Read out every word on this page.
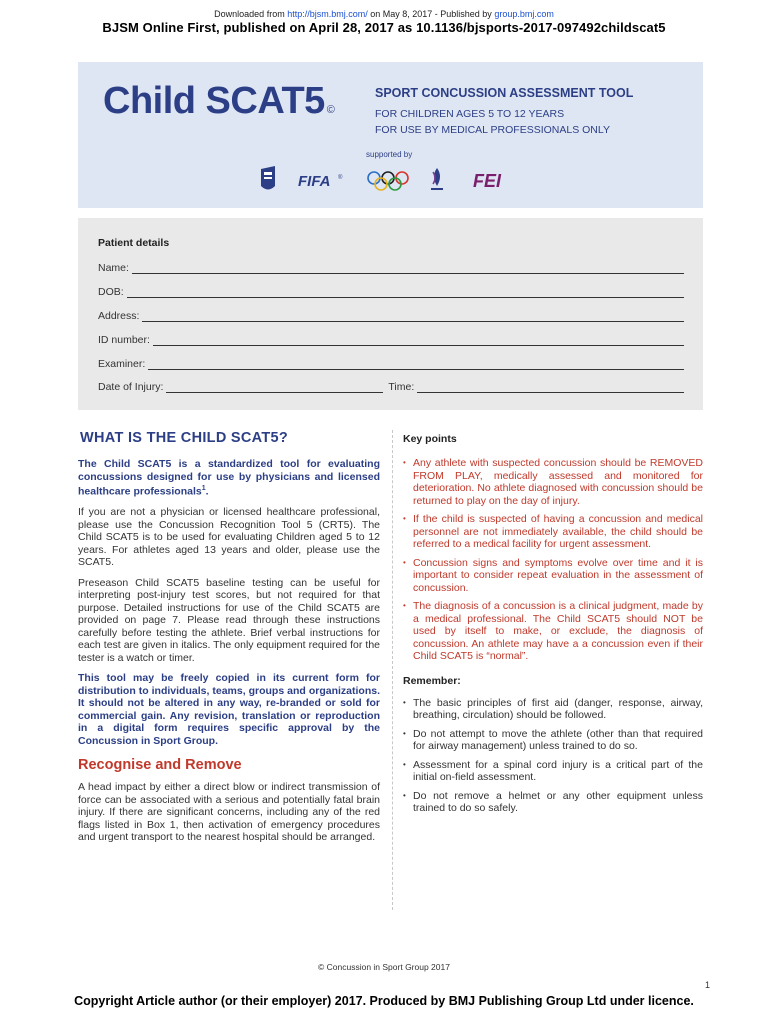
Downloaded from http://bjsm.bmj.com/ on May 8, 2017 - Published by group.bmj.com
BJSM Online First, published on April 28, 2017 as 10.1136/bjsports-2017-097492childscat5
Child SCAT5 ©
SPORT CONCUSSION ASSESSMENT TOOL
FOR CHILDREN AGES 5 TO 12 YEARS
FOR USE BY MEDICAL PROFESSIONALS ONLY
supported by
FIFA ®	FEI
Patient details
Name:
DOB:
Address:
ID number:
Examiner:
Date of Injury:	Time:
WHAT IS THE CHILD SCAT5?
The Child SCAT5 is a standardized tool for evaluating concussions designed for use by physicians and licensed healthcare professionals$^1$.
If you are not a physician or licensed healthcare professional, please use the Concussion Recognition Tool 5 (CRT5). The Child SCAT5 is to be used for evaluating Children aged 5 to 12 years. For athletes aged 13 years and older, please use the SCAT5.
Preseason Child SCAT5 baseline testing can be useful for interpreting post-injury test scores, but not required for that purpose. Detailed instructions for use of the Child SCAT5 are provided on page 7. Please read through these instructions carefully before testing the athlete. Brief verbal instructions for each test are given in italics. The only equipment required for the tester is a watch or timer.
This tool may be freely copied in its current form for distribution to individuals, teams, groups and organizations. It should not be altered in any way, re-branded or sold for commercial gain. Any revision, translation or reproduction in a digital form requires specific approval by the Concussion in Sport Group.
Recognise and Remove
A head impact by either a direct blow or indirect transmission of force can be associated with a serious and potentially fatal brain injury. If there are significant concerns, including any of the red flags listed in Box 1, then activation of emergency procedures and urgent transport to the nearest hospital should be arranged.
Key points
• Any athlete with suspected concussion should be REMOVED FROM PLAY, medically assessed and monitored for deterioration. No athlete diagnosed with concussion should be returned to play on the day of injury.
• If the child is suspected of having a concussion and medical personnel are not immediately available, the child should be referred to a medical facility for urgent assessment.
• Concussion signs and symptoms evolve over time and it is important to consider repeat evaluation in the assessment of concussion.
• The diagnosis of a concussion is a clinical judgment, made by a medical professional. The Child SCAT5 should NOT be used by itself to make, or exclude, the diagnosis of concussion. An athlete may have a a concussion even if their Child SCAT5 is “normal”.
Remember:
• The basic principles of first aid (danger, response, airway, breathing, circulation) should be followed.
• Do not attempt to move the athlete (other than that required for airway management) unless trained to do so.
• Assessment for a spinal cord injury is a critical part of the initial on-field assessment.
• Do not remove a helmet or any other equipment unless trained to do so safely.
© Concussion in Sport Group 2017
1
Copyright Article author (or their employer) 2017. Produced by BMJ Publishing Group Ltd under licence.
